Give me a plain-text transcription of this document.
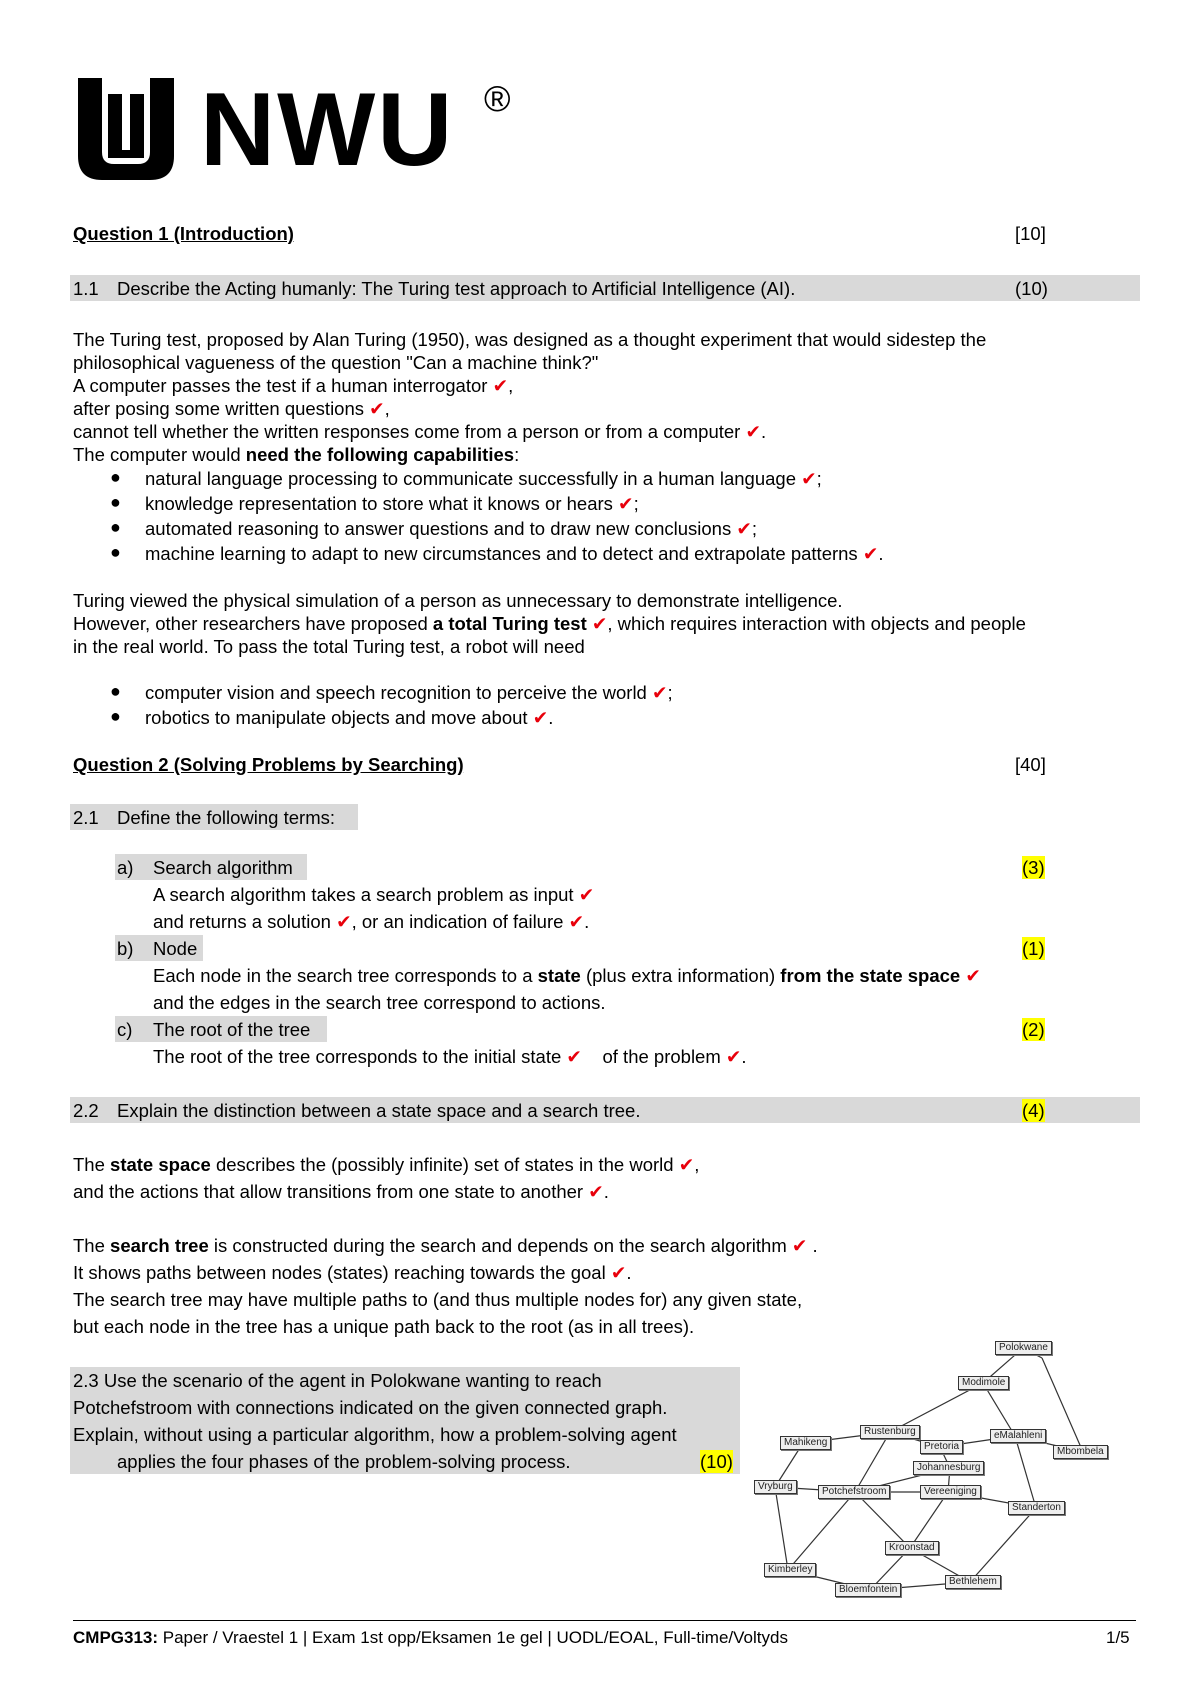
NWU ®
Question 1 (Introduction)	[10]
1.1 Describe the Acting humanly: The Turing test approach to Artificial Intelligence (AI).	(10)
The Turing test, proposed by Alan Turing (1950), was designed as a thought experiment that would sidestep the
philosophical vagueness of the question "Can a machine think?"
A computer passes the test if a human interrogator ✔,
after posing some written questions ✔,
cannot tell whether the written responses come from a person or from a computer ✔.
The computer would need the following capabilities:
● natural language processing to communicate successfully in a human language ✔;
● knowledge representation to store what it knows or hears ✔;
● automated reasoning to answer questions and to draw new conclusions ✔;
● machine learning to adapt to new circumstances and to detect and extrapolate patterns ✔.
Turing viewed the physical simulation of a person as unnecessary to demonstrate intelligence.
However, other researchers have proposed a total Turing test ✔, which requires interaction with objects and people
in the real world. To pass the total Turing test, a robot will need
● computer vision and speech recognition to perceive the world ✔;
● robotics to manipulate objects and move about ✔.
Question 2 (Solving Problems by Searching)	[40]
2.1 Define the following terms:
a) Search algorithm	(3)
A search algorithm takes a search problem as input ✔
and returns a solution ✔, or an indication of failure ✔.
b) Node	(1)
Each node in the search tree corresponds to a state (plus extra information) from the state space ✔
and the edges in the search tree correspond to actions.
c) The root of the tree	(2)
The root of the tree corresponds to the initial state ✔ of the problem ✔.
2.2 Explain the distinction between a state space and a search tree.	(4)
The state space describes the (possibly infinite) set of states in the world ✔,
and the actions that allow transitions from one state to another ✔.
The search tree is constructed during the search and depends on the search algorithm ✔ .
It shows paths between nodes (states) reaching towards the goal ✔.
The search tree may have multiple paths to (and thus multiple nodes for) any given state,
but each node in the tree has a unique path back to the root (as in all trees).
2.3 Use the scenario of the agent in Polokwane wanting to reach
Potchefstroom with connections indicated on the given connected graph.
Explain, without using a particular algorithm, how a problem-solving agent
applies the four phases of the problem-solving process.	(10)
Polokwane
Modimole
Mahikeng
Rustenburg
Pretoria
eMalahleni
Mbombela
Johannesburg
Vryburg	Potchefstroom	Vereeniging
Standerton
Kroonstad
Kimberley
Bloemfontein
Bethlehem
CMPG313: Paper / Vraestel 1 | Exam 1st opp/Eksamen 1e gel | UODL/EOAL, Full-time/Voltyds	1/5
